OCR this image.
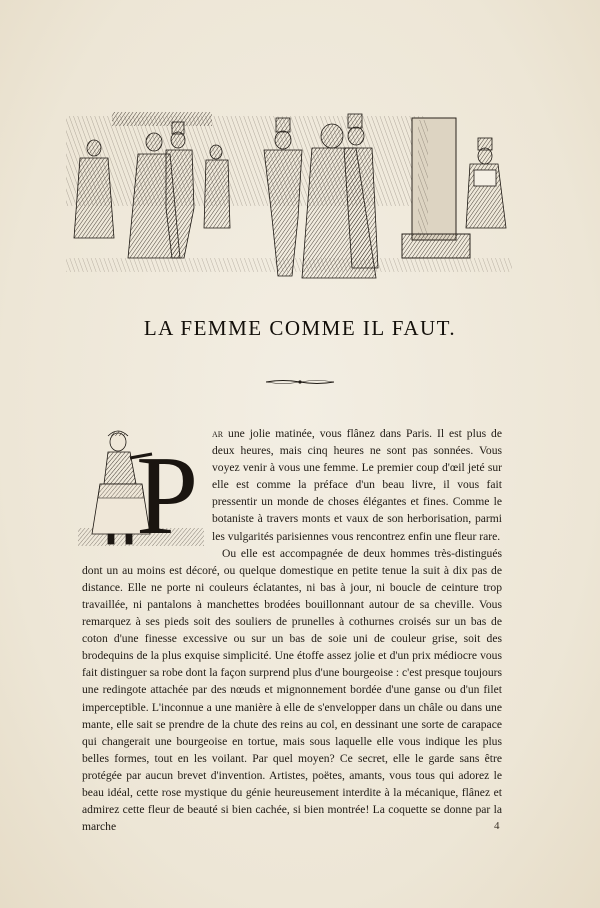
LA FEMME COMME IL FAUT.
P

ar une jolie matinée, vous flânez dans Paris. Il est plus de deux heures, mais cinq heures ne sont pas sonnées. Vous voyez venir à vous une femme. Le premier coup d'œil jeté sur elle est comme la préface d'un beau livre, il vous fait pressentir un monde de choses élégantes et fines. Comme le botaniste à travers monts et vaux de son herborisation, parmi les vulgarités parisiennes vous rencontrez enfin une fleur rare.

Ou elle est accompagnée de deux hommes très-distingués dont un au moins est décoré, ou quelque domestique en petite tenue la suit à dix pas de distance. Elle ne porte ni couleurs éclatantes, ni bas à jour, ni boucle de ceinture trop travaillée, ni pantalons à manchettes brodées bouillonnant autour de sa cheville. Vous remarquez à ses pieds soit des souliers de prunelles à cothurnes croisés sur un bas de coton d'une finesse excessive ou sur un bas de soie uni de couleur grise, soit des brodequins de la plus exquise simplicité. Une étoffe assez jolie et d'un prix médiocre vous fait distinguer sa robe dont la façon surprend plus d'une bourgeoise : c'est presque toujours une redingote attachée par des nœuds et mignonnement bordée d'une ganse ou d'un filet imperceptible. L'inconnue a une manière à elle de s'envelopper dans un châle ou dans une mante, elle sait se prendre de la chute des reins au col, en dessinant une sorte de carapace qui changerait une bourgeoise en tortue, mais sous laquelle elle vous indique les plus belles formes, tout en les voilant. Par quel moyen? Ce secret, elle le garde sans être protégée par aucun brevet d'invention. Artistes, poëtes, amants, vous tous qui adorez le beau idéal, cette rose mystique du génie heureusement interdite à la mécanique, flânez et admirez cette fleur de beauté si bien cachée, si bien montrée! La coquette se donne par la marche	4
